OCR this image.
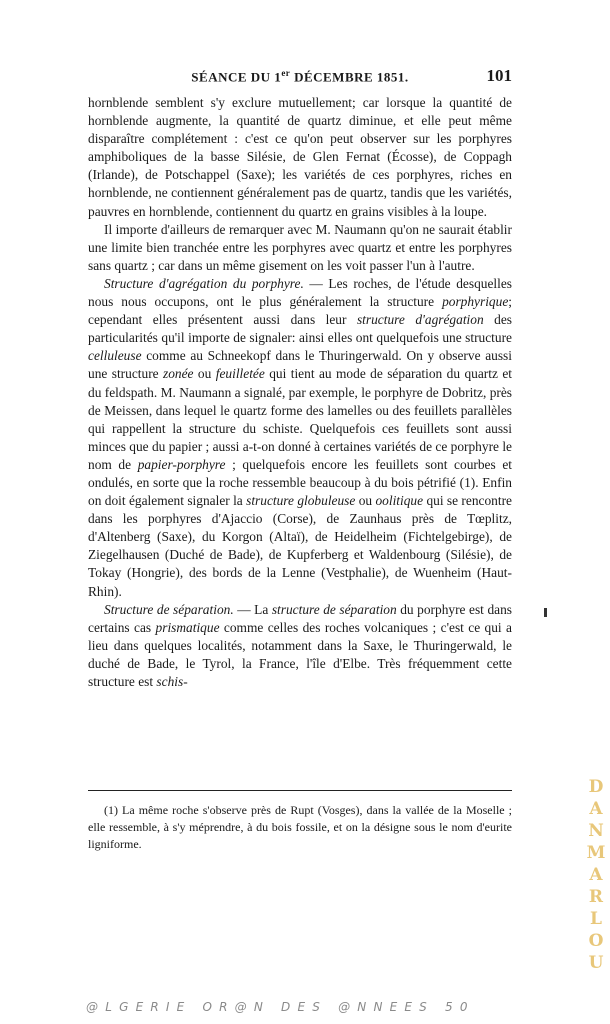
SÉANCE DU 1er DÉCEMBRE 1851.	101

hornblende semblent s'y exclure mutuellement; car lorsque la quantité de hornblende augmente, la quantité de quartz diminue, et elle peut même disparaître complétement : c'est ce qu'on peut observer sur les porphyres amphiboliques de la basse Silésie, de Glen Fernat (Écosse), de Coppagh (Irlande), de Potschappel (Saxe); les variétés de ces porphyres, riches en hornblende, ne contiennent généralement pas de quartz, tandis que les variétés, pauvres en hornblende, contiennent du quartz en grains visibles à la loupe.

Il importe d'ailleurs de remarquer avec M. Naumann qu'on ne saurait établir une limite bien tranchée entre les porphyres avec quartz et entre les porphyres sans quartz ; car dans un même gisement on les voit passer l'un à l'autre.

Structure d'agrégation du porphyre. — Les roches, de l'étude desquelles nous nous occupons, ont le plus généralement la structure porphyrique; cependant elles présentent aussi dans leur structure d'agrégation des particularités qu'il importe de signaler: ainsi elles ont quelquefois une structure celluleuse comme au Schneekopf dans le Thuringerwald. On y observe aussi une structure zonée ou feuilletée qui tient au mode de séparation du quartz et du feldspath. M. Naumann a signalé, par exemple, le porphyre de Dobritz, près de Meissen, dans lequel le quartz forme des lamelles ou des feuillets parallèles qui rappellent la structure du schiste. Quelquefois ces feuillets sont aussi minces que du papier ; aussi a-t-on donné à certaines variétés de ce porphyre le nom de papier-porphyre ; quelquefois encore les feuillets sont courbes et ondulés, en sorte que la roche ressemble beaucoup à du bois pétrifié (1). Enfin on doit également signaler la structure globuleuse ou oolitique qui se rencontre dans les porphyres d'Ajaccio (Corse), de Zaunhaus près de Tœplitz, d'Altenberg (Saxe), du Korgon (Altaï), de Heidelheim (Fichtelgebirge), de Ziegelhausen (Duché de Bade), de Kupferberg et Waldenbourg (Silésie), de Tokay (Hongrie), des bords de la Lenne (Vestphalie), de Wuenheim (Haut-Rhin).

Structure de séparation. — La structure de séparation du porphyre est dans certains cas prismatique comme celles des roches volcaniques ; c'est ce qui a lieu dans quelques localités, notamment dans la Saxe, le Thuringerwald, le duché de Bade, le Tyrol, la France, l'île d'Elbe. Très fréquemment cette structure est schis-

(1) La même roche s'observe près de Rupt (Vosges), dans la vallée de la Moselle ; elle ressemble, à s'y méprendre, à du bois fossile, et on la désigne sous le nom d'eurite ligniforme.

D
A
N
M
A
R
L
O
U
@LGERIE OR@N DES @NNEES 50
